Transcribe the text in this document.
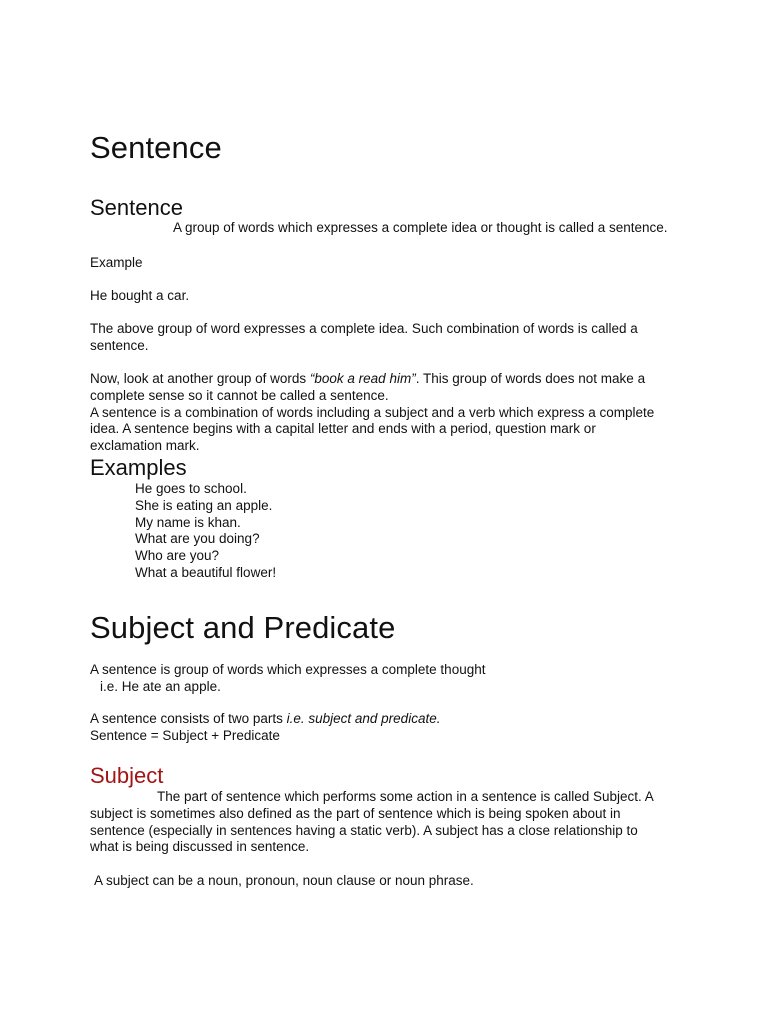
Sentence
Sentence

A group of words which expresses a complete idea or thought is called a sentence.

Example

He bought a car.

The above group of word expresses a complete idea. Such combination of words is called a
sentence.
Now, look at another group of words “book a read him”. This group of words does not make a
complete sense so it cannot be called a sentence.
A sentence is a combination of words including a subject and a verb which express a complete
idea. A sentence begins with a capital letter and ends with a period, question mark or
exclamation mark.
Examples
He goes to school.
She is eating an apple.
My name is khan.
What are you doing?
Who are you?
What a beautiful flower!
Subject and Predicate

A sentence is group of words which expresses a complete thought

i.e. He ate an apple.

A sentence consists of two parts i.e. subject and predicate.
Sentence = Subject + Predicate
Subject
The part of sentence which performs some action in a sentence is called Subject. A
subject is sometimes also defined as the part of sentence which is being spoken about in
sentence (especially in sentences having a static verb). A subject has a close relationship to
what is being discussed in sentence.

A subject can be a noun, pronoun, noun clause or noun phrase.
